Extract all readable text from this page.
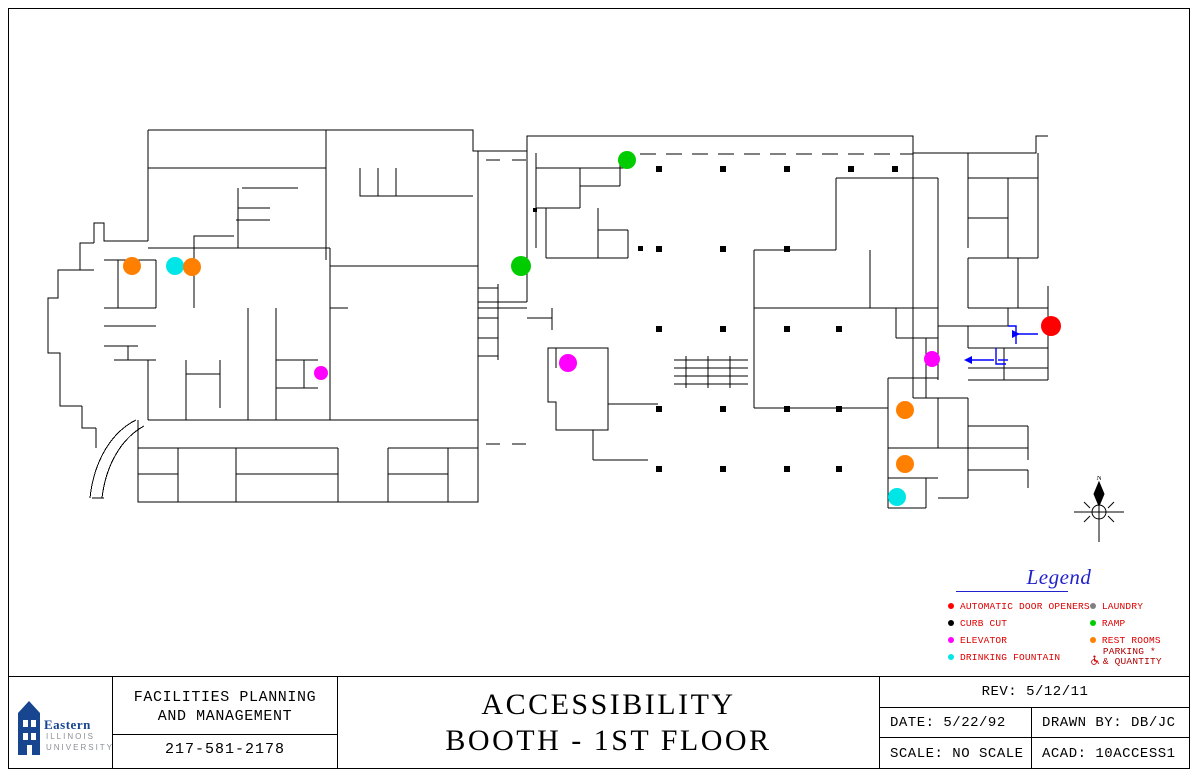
N
Legend
AUTOMATIC DOOR OPENERS
CURB CUT
ELEVATOR
DRINKING FOUNTAIN
LAUNDRY
RAMP
REST ROOMS
PARKING *
& QUANTITY
Eastern
ILLINOIS
UNIVERSITY
FACILITIES PLANNING
AND MANAGEMENT
217-581-2178
ACCESSIBILITY
BOOTH - 1ST FLOOR
REV: 5/12/11
DATE: 5/22/92	DRAWN BY: DB/JC
SCALE: NO SCALE	ACAD: 10ACCESS1
